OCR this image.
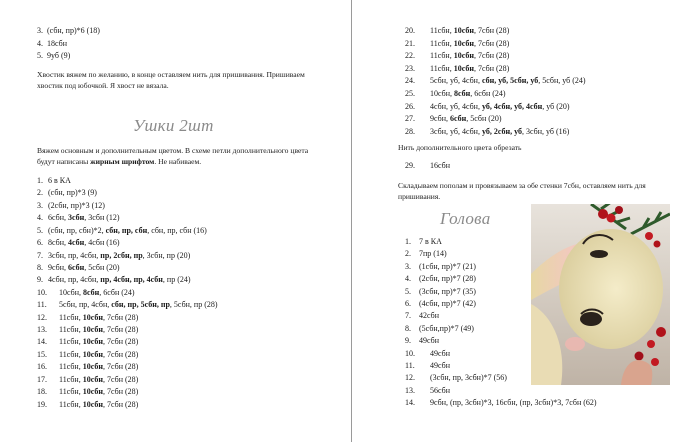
3. (сбн, пр)*6 (18)
4. 18сбн
5. 9уб (9)
Хвостик вяжем по желанию, в конце оставляем нить для пришивания. Пришиваем
хвостик под юбочкой. Я хвост не вязала.
Ушки 2шт
Вяжем основным и дополнительным цветом. В схеме петли дополнительного цвета
будут написаны жирным шрифтом. Не набиваем.
1. 6 в КА
2. (сбн, пр)*3 (9)
3. (2сбн, пр)*3 (12)
4. 6сбн, 3сбн, 3сбн (12)
5. (сбн, пр, сбн)*2, сбн, пр, сбн, сбн, пр, сбн (16)
6. 8сбн, 4сбн, 4сбн (16)
7. 3сбн, пр, 4сбн, пр, 2сбн, пр, 3сбн, пр (20)
8. 9сбн, 6сбн, 5сбн (20)
9. 4сбн, пр, 4сбн, пр, 4сбн, пр, 4сбн, пр (24)
10. 10сбн, 8сбн, 6сбн (24)
11. 5сбн, пр, 4сбн, сбн, пр, 5сбн, пр, 5сбн, пр (28)
12. 11сбн, 10сбн, 7сбн (28)
13. 11сбн, 10сбн, 7сбн (28)
14. 11сбн, 10сбн, 7сбн (28)
15. 11сбн, 10сбн, 7сбн (28)
16. 11сбн, 10сбн, 7сбн (28)
17. 11сбн, 10сбн, 7сбн (28)
18. 11сбн, 10сбн, 7сбн (28)
19. 11сбн, 10сбн, 7сбн (28)
20. 11сбн, 10сбн, 7сбн (28)
21. 11сбн, 10сбн, 7сбн (28)
22. 11сбн, 10сбн, 7сбн (28)
23. 11сбн, 10сбн, 7сбн (28)
24. 5сбн, уб, 4сбн, сбн, уб, 5сбн, уб, 5сбн, уб (24)
25. 10сбн, 8сбн, 6сбн (24)
26. 4сбн, уб, 4сбн, уб, 4сбн, уб, 4сбн, уб (20)
27. 9сбн, 6сбн, 5сбн (20)
28. 3сбн, уб, 4сбн, уб, 2сбн, уб, 3сбн, уб (16)
Нить дополнительного цвета обрезать
29. 16сбн
Складываем пополам и провязываем за обе стенки 7сбн, оставляем нить для
пришивания.
Голова
1. 7 в КА
2. 7пр (14)
3. (1сбн, пр)*7 (21)
4. (2сбн, пр)*7 (28)
5. (3сбн, пр)*7 (35)
6. (4сбн, пр)*7 (42)
7. 42сбн
8. (5сбн,пр)*7 (49)
9. 49сбн
10. 49сбн
11. 49сбн
12. (3сбн, пр, 3сбн)*7 (56)
13. 56сбн
14. 9сбн, (пр, 3сбн)*3, 16сбн, (пр, 3сбн)*3, 7сбн (62)
